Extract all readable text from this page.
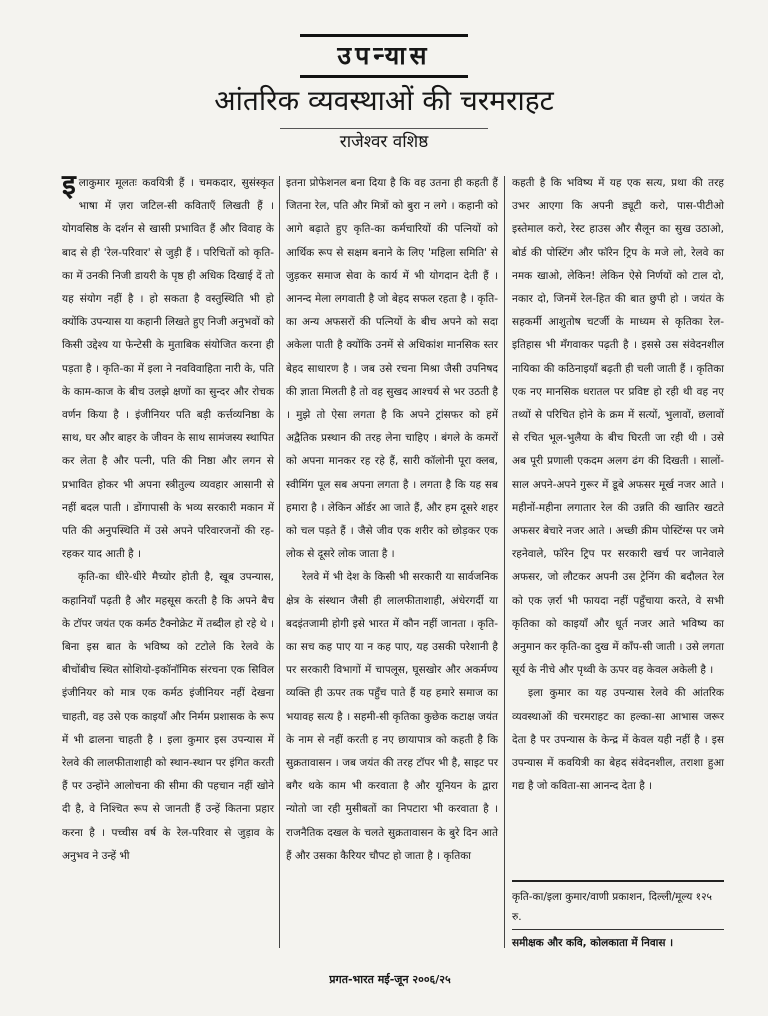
उपन्यास
आंतरिक व्यवस्थाओं की चरमराहट
राजेश्वर वशिष्ठ

इलाकुमार मूलतः कवयित्री हैं । चमकदार, सुसंस्कृत भाषा में ज़रा जटिल-सी कविताएँ लिखती हैं । योगवसिष्ठ के दर्शन से खासी प्रभावित हैं और विवाह के बाद से ही 'रेल-परिवार' से जुड़ी हैं । परिचितों को कृति-का में उनकी निजी डायरी के पृष्ठ ही अधिक दिखाई दें तो यह संयोग नहीं है । हो सकता है वस्तुस्थिति भी हो क्योंकि उपन्यास या कहानी लिखते हुए निजी अनुभवों को किसी उद्देश्य या फेन्टेसी के मुताबिक संयोजित करना ही पड़ता है । कृति-का में इला ने नवविवाहिता नारी के, पति के काम-काज के बीच उलझे क्षणों का सुन्दर और रोचक वर्णन किया है । इंजीनियर पति बड़ी कर्त्तव्यनिष्ठा के साथ, घर और बाहर के जीवन के साथ सामंजस्य स्थापित कर लेता है और पत्नी, पति की निष्ठा और लगन से प्रभावित होकर भी अपना स्त्रीतुल्य व्यवहार आसानी से नहीं बदल पाती । डोंगापासी के भव्य सरकारी मकान में पति की अनुपस्थिति में उसे अपने परिवारजनों की रह-रहकर याद आती है ।

कृति-का धीरे-धीरे मैच्योर होती है, खूब उपन्यास, कहानियाँ पढ़ती है और महसूस करती है कि अपने बैच के टॉपर जयंत एक कर्मठ टैक्नोक्रेट में तब्दील हो रहे थे । बिना इस बात के भविष्य को टटोले कि रेलवे के बीचोंबीच स्थित सोशियो-इकॉनॉमिक संरचना एक सिविल इंजीनियर को मात्र एक कर्मठ इंजीनियर नहीं देखना चाहती, वह उसे एक काइयाँ और निर्मम प्रशासक के रूप में भी ढालना चाहती है । इला कुमार इस उपन्यास में रेलवे की लालफीताशाही को स्थान-स्थान पर इंगित करती हैं पर उन्होंने आलोचना की सीमा की पहचान नहीं खोने दी है, वे निश्चित रूप से जानती हैं उन्हें कितना प्रहार करना है । पच्चीस वर्ष के रेल-परिवार से जुड़ाव के अनुभव ने उन्हें भी

इतना प्रोफेशनल बना दिया है कि वह उतना ही कहती हैं जितना रेल, पति और मित्रों को बुरा न लगे । कहानी को आगे बढ़ाते हुए कृति-का कर्मचारियों की पत्नियों को आर्थिक रूप से सक्षम बनाने के लिए 'महिला समिति' से जुड़कर समाज सेवा के कार्य में भी योगदान देती हैं । आनन्द मेला लगवाती है जो बेहद सफल रहता है । कृति-का अन्य अफसरों की पत्नियों के बीच अपने को सदा अकेला पाती है क्योंकि उनमें से अधिकांश मानसिक स्तर बेहद साधारण है । जब उसे रचना मिश्रा जैसी उपनिषद की ज्ञाता मिलती है तो वह सुखद आश्चर्य से भर उठती है । मुझे तो ऐसा लगता है कि अपने ट्रांसफर को हमें अद्वैतिक प्रस्थान की तरह लेना चाहिए । बंगले के कमरों को अपना मानकर रह रहे हैं, सारी कॉलोनी पूरा क्लब, स्वीमिंग पूल सब अपना लगता है । लगता है कि यह सब हमारा है । लेकिन ऑर्डर आ जाते हैं, और हम दूसरे शहर को चल पड़ते हैं । जैसे जीव एक शरीर को छोड़कर एक लोक से दूसरे लोक जाता है ।

रेलवे में भी देश के किसी भी सरकारी या सार्वजनिक क्षेत्र के संस्थान जैसी ही लालफीताशाही, अंधेरगर्दी या बदइंतजामी होगी इसे भारत में कौन नहीं जानता । कृति-का सच कह पाए या न कह पाए, यह उसकी परेशानी है पर सरकारी विभागों में चापलूस, घूसखोर और अकर्मण्य व्यक्ति ही ऊपर तक पहुँच पाते हैं यह हमारे समाज का भयावह सत्य है । सहमी-सी कृतिका कुछेक कटाक्ष जयंत के नाम से नहीं करती ह नए छायापात्र को कहती है कि सुक्रतावासन । जब जयंत की तरह टॉपर भी है, साइट पर बगैर थके काम भी करवाता है और यूनियन के द्वारा न्योतो जा रही मुसीबतों का निपटारा भी करवाता है । राजनैतिक दखल के चलते सुक्रतावासन के बुरे दिन आते हैं और उसका कैरियर चौपट हो जाता है । कृतिका

कहती है कि भविष्य में यह एक सत्य, प्रथा की तरह उभर आएगा कि अपनी ड्यूटी करो, पास-पीटीओ इस्तेमाल करो, रेस्ट हाउस और सैलून का सुख उठाओ, बोर्ड की पोस्टिंग और फॉरेन ट्रिप के मजे लो, रेलवे का नमक खाओ, लेकिन! लेकिन ऐसे निर्णयों को टाल दो, नकार दो, जिनमें रेल-हित की बात छुपी हो । जयंत के सहकर्मी आशुतोष चटर्जी के माध्यम से कृतिका रेल-इतिहास भी मँगवाकर पढ़ती है । इससे उस संवेदनशील नायिका की कठिनाइयाँ बढ़ती ही चली जाती हैं । कृतिका एक नए मानसिक धरातल पर प्रविष्ट हो रही थी वह नए तथ्यों से परिचित होने के क्रम में सत्यों, भुलावों, छलावों से रचित भूल-भुलैया के बीच घिरती जा रही थी । उसे अब पूरी प्रणाली एकदम अलग ढंग की दिखती । सालों-साल अपने-अपने गुरूर में डूबे अफसर मूर्ख नजर आते । महीनों-महीना लगातार रेल की उन्नति की खातिर खटते अफसर बेचारे नजर आते । अच्छी क्रीम पोस्टिंग्स पर जमे रहनेवाले, फॉरेन ट्रिप पर सरकारी खर्च पर जानेवाले अफसर, जो लौटकर अपनी उस ट्रेनिंग की बदौलत रेल को एक ज़र्रा भी फायदा नहीं पहुँचाया करते, वे सभी कृतिका को काइयाँ और धूर्त नजर आते भविष्य का अनुमान कर कृति-का दुख में काँप-सी जाती । उसे लगता सूर्य के नीचे और पृथ्वी के ऊपर वह केवल अकेली है ।

इला कुमार का यह उपन्यास रेलवे की आंतरिक व्यवस्थाओं की चरमराहट का हल्का-सा आभास जरूर देता है पर उपन्यास के केन्द्र में केवल यही नहीं है । इस उपन्यास में कवयित्री का बेहद संवेदनशील, तराशा हुआ गद्य है जो कविता-सा आनन्द देता है ।

कृति-का/इला कुमार/वाणी प्रकाशन, दिल्ली/मूल्य १२५ रु.
समीक्षक और कवि, कोलकाता में निवास ।
प्रगत-भारत मई-जून २००६/२५
